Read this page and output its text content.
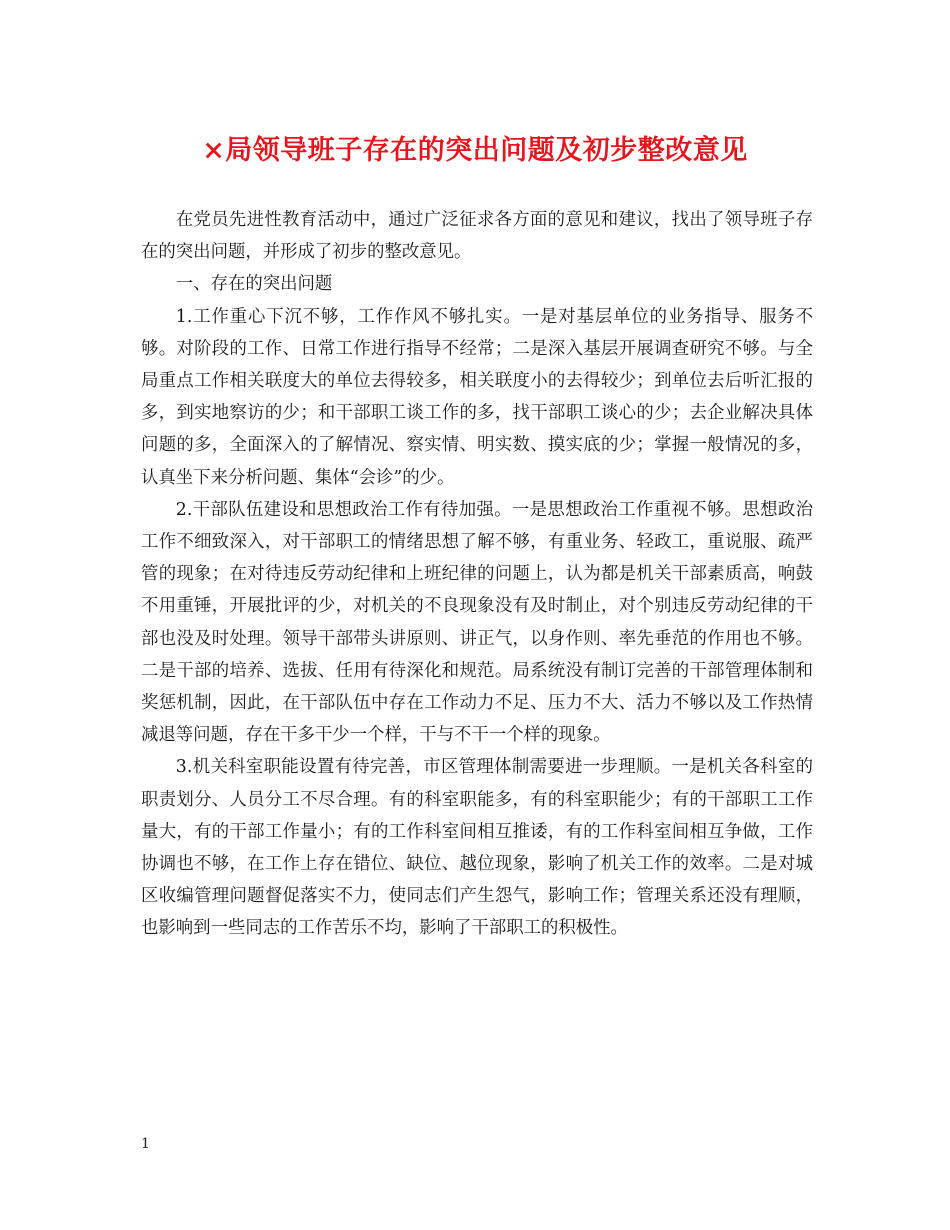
×局领导班子存在的突出问题及初步整改意见

在党员先进性教育活动中，通过广泛征求各方面的意见和建议，找出了领导班子存在的突出问题，并形成了初步的整改意见。

一、存在的突出问题

1.工作重心下沉不够，工作作风不够扎实。一是对基层单位的业务指导、服务不够。对阶段的工作、日常工作进行指导不经常；二是深入基层开展调查研究不够。与全局重点工作相关联度大的单位去得较多，相关联度小的去得较少；到单位去后听汇报的多，到实地察访的少；和干部职工谈工作的多，找干部职工谈心的少；去企业解决具体问题的多，全面深入的了解情况、察实情、明实数、摸实底的少；掌握一般情况的多，认真坐下来分析问题、集体“会诊”的少。

2.干部队伍建设和思想政治工作有待加强。一是思想政治工作重视不够。思想政治工作不细致深入，对干部职工的情绪思想了解不够，有重业务、轻政工，重说服、疏严管的现象；在对待违反劳动纪律和上班纪律的问题上，认为都是机关干部素质高，响鼓不用重锤，开展批评的少，对机关的不良现象没有及时制止，对个别违反劳动纪律的干部也没及时处理。领导干部带头讲原则、讲正气，以身作则、率先垂范的作用也不够。二是干部的培养、选拔、任用有待深化和规范。局系统没有制订完善的干部管理体制和奖惩机制，因此，在干部队伍中存在工作动力不足、压力不大、活力不够以及工作热情减退等问题，存在干多干少一个样，干与不干一个样的现象。

3.机关科室职能设置有待完善，市区管理体制需要进一步理顺。一是机关各科室的职责划分、人员分工不尽合理。有的科室职能多，有的科室职能少；有的干部职工工作量大，有的干部工作量小；有的工作科室间相互推诿，有的工作科室间相互争做，工作协调也不够，在工作上存在错位、缺位、越位现象，影响了机关工作的效率。二是对城区收编管理问题督促落实不力，使同志们产生怨气，影响工作；管理关系还没有理顺，也影响到一些同志的工作苦乐不均，影响了干部职工的积极性。

1
